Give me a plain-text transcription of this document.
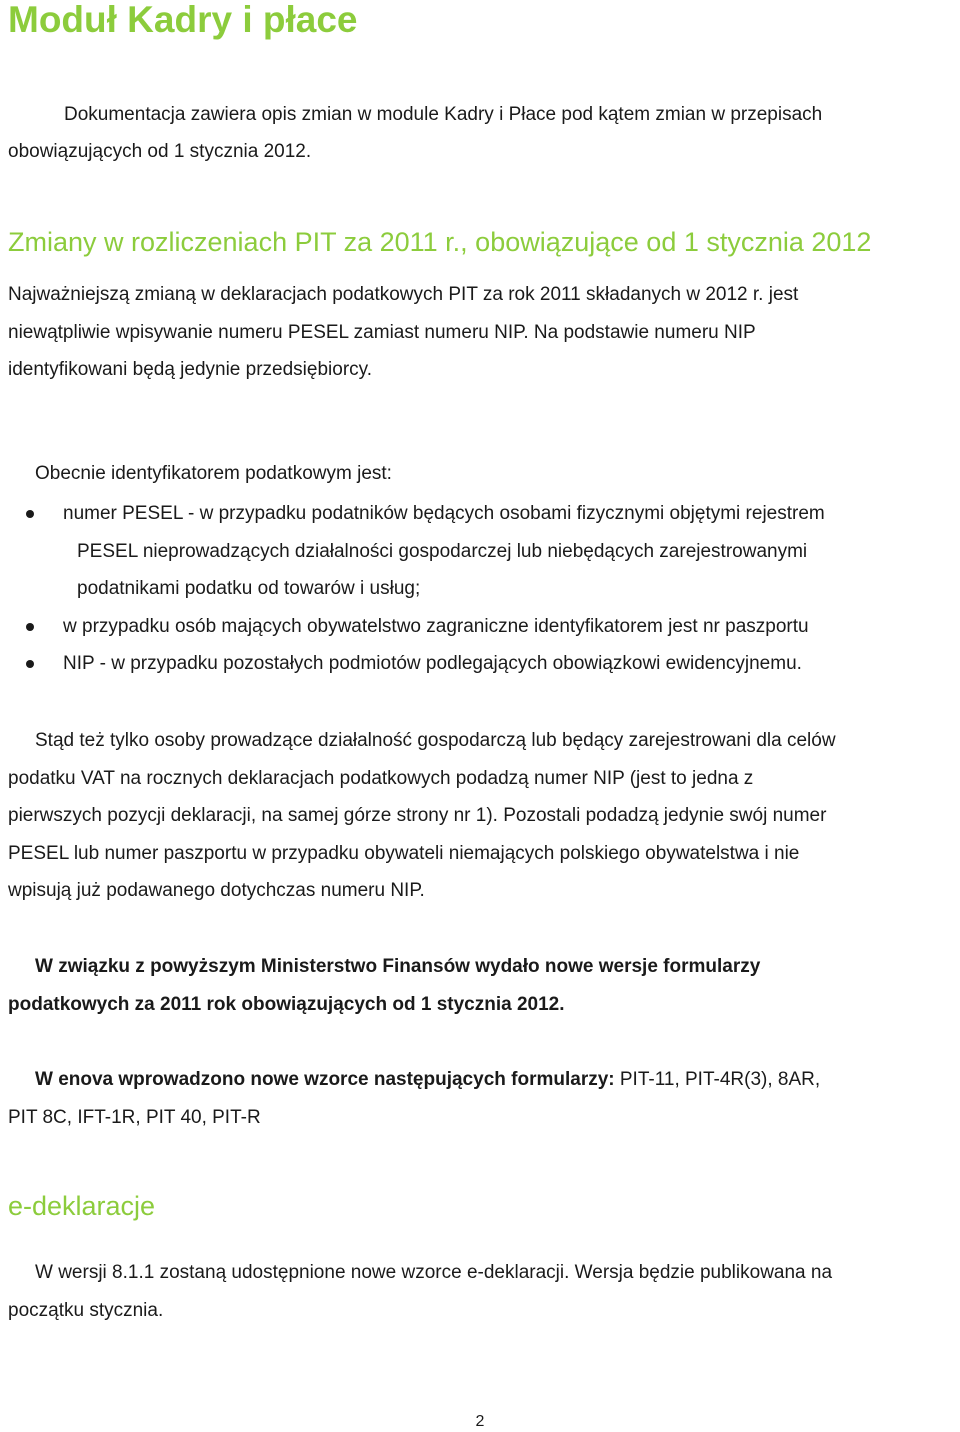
Moduł Kadry i płace

Dokumentacja zawiera opis zmian w module Kadry i Płace pod kątem zmian w przepisach
obowiązujących od 1 stycznia 2012.

Zmiany w rozliczeniach PIT za 2011 r., obowiązujące od 1 stycznia 2012

Najważniejszą zmianą w deklaracjach podatkowych PIT za rok 2011 składanych w 2012 r. jest
niewątpliwie wpisywanie numeru PESEL zamiast numeru NIP. Na podstawie numeru NIP
identyfikowani będą jedynie przedsiębiorcy.

Obecnie identyfikatorem podatkowym jest:

numer PESEL - w przypadku podatników będących osobami fizycznymi objętymi rejestrem
PESEL nieprowadzących działalności gospodarczej lub niebędących zarejestrowanymi
podatnikami podatku od towarów i usług;
w przypadku osób mających obywatelstwo zagraniczne identyfikatorem jest nr paszportu
NIP - w przypadku pozostałych podmiotów podlegających obowiązkowi ewidencyjnemu.

Stąd też tylko osoby prowadzące działalność gospodarczą lub będący zarejestrowani dla celów
podatku VAT na rocznych deklaracjach podatkowych podadzą numer NIP (jest to jedna z
pierwszych pozycji deklaracji, na samej górze strony nr 1). Pozostali podadzą jedynie swój numer
PESEL lub numer paszportu w przypadku obywateli niemających polskiego obywatelstwa i nie
wpisują już podawanego dotychczas numeru NIP.

W związku z powyższym Ministerstwo Finansów wydało nowe wersje formularzy
podatkowych za 2011 rok obowiązujących od 1 stycznia 2012.

W enova wprowadzono nowe wzorce następujących formularzy: PIT-11, PIT-4R(3), 8AR,
PIT 8C, IFT-1R, PIT 40, PIT-R

e-deklaracje

W wersji 8.1.1 zostaną udostępnione nowe wzorce e-deklaracji. Wersja będzie publikowana na
początku stycznia.

2
